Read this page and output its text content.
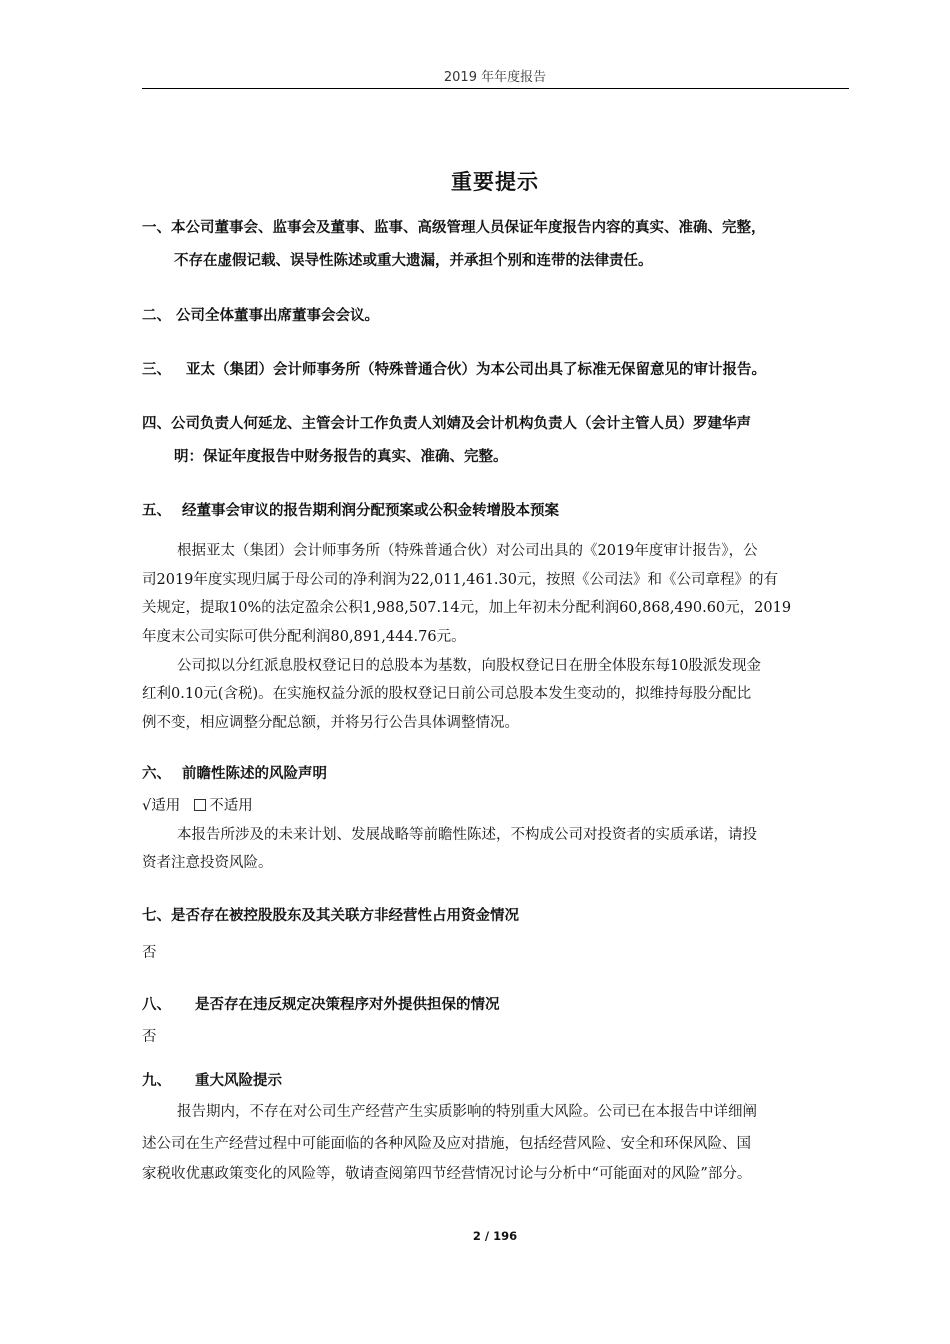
2019 年年度报告
重要提示
一、本公司董事会、监事会及董事、监事、高级管理人员保证年度报告内容的真实、准确、完整，
不存在虚假记载、误导性陈述或重大遗漏，并承担个别和连带的法律责任。
二、 公司全体董事出席董事会会议。
三、 亚太（集团）会计师事务所（特殊普通合伙）为本公司出具了标准无保留意见的审计报告。
四、公司负责人何延龙、主管会计工作负责人刘婧及会计机构负责人（会计主管人员）罗建华声
明：保证年度报告中财务报告的真实、准确、完整。
五、 经董事会审议的报告期利润分配预案或公积金转增股本预案
根据亚太（集团）会计师事务所（特殊普通合伙）对公司出具的《2019年度审计报告》，公
司2019年度实现归属于母公司的净利润为22,011,461.30元，按照《公司法》和《公司章程》的有
关规定，提取10%的法定盈余公积1,988,507.14元，加上年初未分配利润60,868,490.60元，2019
年度末公司实际可供分配利润80,891,444.76元。
公司拟以分红派息股权登记日的总股本为基数，向股权登记日在册全体股东每10股派发现金
红利0.10元(含税)。在实施权益分派的股权登记日前公司总股本发生变动的，拟维持每股分配比
例不变，相应调整分配总额，并将另行公告具体调整情况。
六、 前瞻性陈述的风险声明
√适用 不适用
本报告所涉及的未来计划、发展战略等前瞻性陈述，不构成公司对投资者的实质承诺，请投
资者注意投资风险。
七、是否存在被控股股东及其关联方非经营性占用资金情况
否
八、 是否存在违反规定决策程序对外提供担保的情况
否
九、 重大风险提示
报告期内，不存在对公司生产经营产生实质影响的特别重大风险。公司已在本报告中详细阐
述公司在生产经营过程中可能面临的各种风险及应对措施，包括经营风险、安全和环保风险、国
家税收优惠政策变化的风险等，敬请查阅第四节经营情况讨论与分析中“可能面对的风险”部分。
2 / 196
